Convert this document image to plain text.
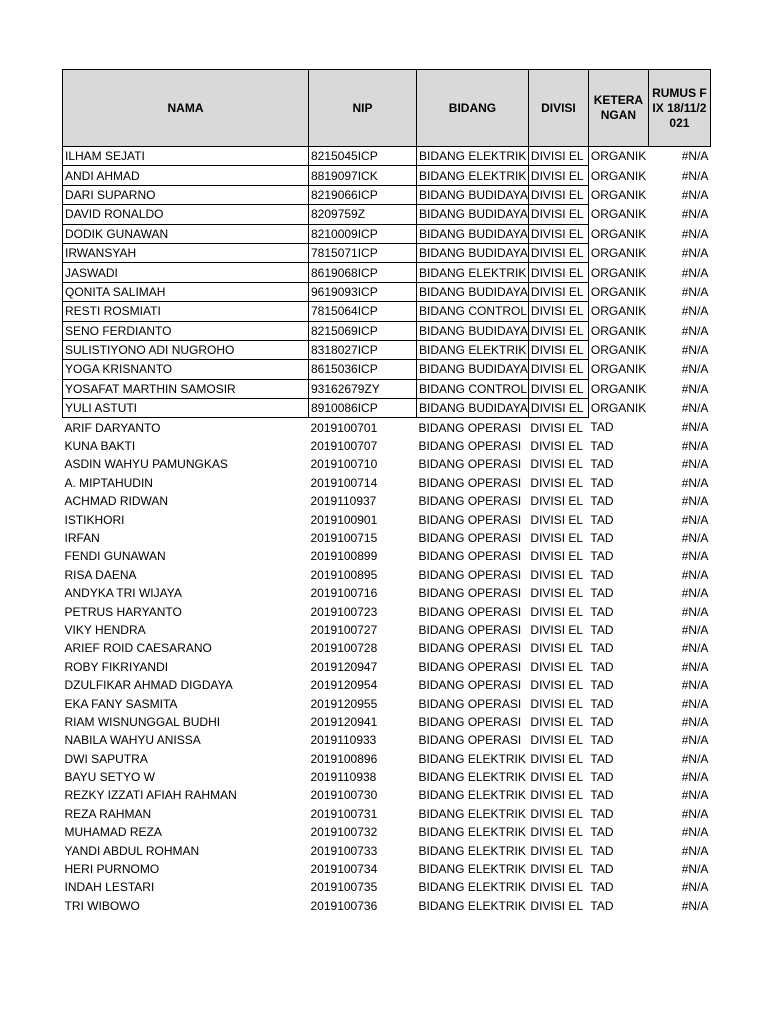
NAMA	NIP	BIDANG	DIVISI	KETERANGAN	RUMUS FIX 18/11/2021
ILHAM SEJATI	8215045ICP	BIDANG ELEKTRIK	DIVISI EL	ORGANIK	#N/A
ANDI AHMAD	8819097ICK	BIDANG ELEKTRIK	DIVISI EL	ORGANIK	#N/A
DARI SUPARNO	8219066ICP	BIDANG BUDIDAYA	DIVISI EL	ORGANIK	#N/A
DAVID RONALDO	8209759Z	BIDANG BUDIDAYA	DIVISI EL	ORGANIK	#N/A
DODIK GUNAWAN	8210009ICP	BIDANG BUDIDAYA	DIVISI EL	ORGANIK	#N/A
IRWANSYAH	7815071ICP	BIDANG BUDIDAYA	DIVISI EL	ORGANIK	#N/A
JASWADI	8619068ICP	BIDANG ELEKTRIK	DIVISI EL	ORGANIK	#N/A
QONITA SALIMAH	9619093ICP	BIDANG BUDIDAYA	DIVISI EL	ORGANIK	#N/A
RESTI ROSMIATI	7815064ICP	BIDANG CONTROL	DIVISI EL	ORGANIK	#N/A
SENO FERDIANTO	8215069ICP	BIDANG BUDIDAYA	DIVISI EL	ORGANIK	#N/A
SULISTIYONO ADI NUGROHO	8318027ICP	BIDANG ELEKTRIK	DIVISI EL	ORGANIK	#N/A
YOGA KRISNANTO	8615036ICP	BIDANG BUDIDAYA	DIVISI EL	ORGANIK	#N/A
YOSAFAT MARTHIN SAMOSIR	93162679ZY	BIDANG CONTROL	DIVISI EL	ORGANIK	#N/A
YULI ASTUTI	8910086ICP	BIDANG BUDIDAYA	DIVISI EL	ORGANIK	#N/A
ARIF DARYANTO	2019100701	BIDANG OPERASI	DIVISI EL	TAD	#N/A
KUNA BAKTI	2019100707	BIDANG OPERASI	DIVISI EL	TAD	#N/A
ASDIN WAHYU PAMUNGKAS	2019100710	BIDANG OPERASI	DIVISI EL	TAD	#N/A
A. MIPTAHUDIN	2019100714	BIDANG OPERASI	DIVISI EL	TAD	#N/A
ACHMAD RIDWAN	2019110937	BIDANG OPERASI	DIVISI EL	TAD	#N/A
ISTIKHORI	2019100901	BIDANG OPERASI	DIVISI EL	TAD	#N/A
IRFAN	2019100715	BIDANG OPERASI	DIVISI EL	TAD	#N/A
FENDI GUNAWAN	2019100899	BIDANG OPERASI	DIVISI EL	TAD	#N/A
RISA DAENA	2019100895	BIDANG OPERASI	DIVISI EL	TAD	#N/A
ANDYKA TRI WIJAYA	2019100716	BIDANG OPERASI	DIVISI EL	TAD	#N/A
PETRUS HARYANTO	2019100723	BIDANG OPERASI	DIVISI EL	TAD	#N/A
VIKY HENDRA	2019100727	BIDANG OPERASI	DIVISI EL	TAD	#N/A
ARIEF ROID CAESARANO	2019100728	BIDANG OPERASI	DIVISI EL	TAD	#N/A
ROBY FIKRIYANDI	2019120947	BIDANG OPERASI	DIVISI EL	TAD	#N/A
DZULFIKAR AHMAD DIGDAYA	2019120954	BIDANG OPERASI	DIVISI EL	TAD	#N/A
EKA FANY SASMITA	2019120955	BIDANG OPERASI	DIVISI EL	TAD	#N/A
RIAM WISNUNGGAL BUDHI	2019120941	BIDANG OPERASI	DIVISI EL	TAD	#N/A
NABILA WAHYU ANISSA	2019110933	BIDANG OPERASI	DIVISI EL	TAD	#N/A
DWI SAPUTRA	2019100896	BIDANG ELEKTRIK	DIVISI EL	TAD	#N/A
BAYU SETYO W	2019110938	BIDANG ELEKTRIK	DIVISI EL	TAD	#N/A
REZKY IZZATI AFIAH RAHMAN	2019100730	BIDANG ELEKTRIK	DIVISI EL	TAD	#N/A
REZA RAHMAN	2019100731	BIDANG ELEKTRIK	DIVISI EL	TAD	#N/A
MUHAMAD REZA	2019100732	BIDANG ELEKTRIK	DIVISI EL	TAD	#N/A
YANDI ABDUL ROHMAN	2019100733	BIDANG ELEKTRIK	DIVISI EL	TAD	#N/A
HERI PURNOMO	2019100734	BIDANG ELEKTRIK	DIVISI EL	TAD	#N/A
INDAH LESTARI	2019100735	BIDANG ELEKTRIK	DIVISI EL	TAD	#N/A
TRI WIBOWO	2019100736	BIDANG ELEKTRIK	DIVISI EL	TAD	#N/A
